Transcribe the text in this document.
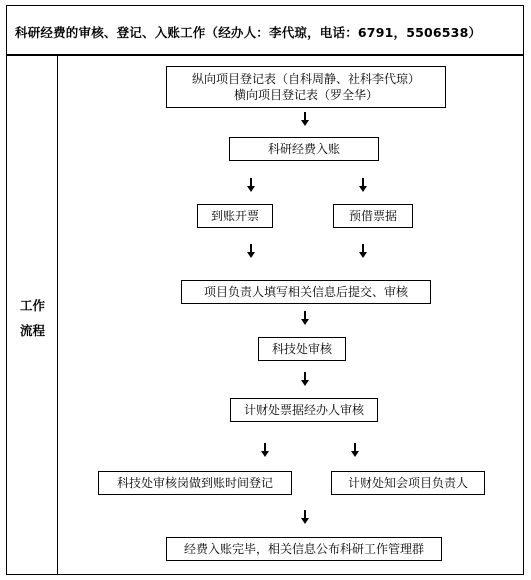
科研经费的审核、登记、入账工作（经办人：李代琼，电话：6791，5506538）
工作
流程
纵向项目登记表（自科周静、社科李代琼）
横向项目登记表（罗全华）
科研经费入账
到账开票	预借票据
项目负责人填写相关信息后提交、审核
科技处审核
计财处票据经办人审核
科技处审核岗做到账时间登记	计财处知会项目负责人
经费入账完毕，相关信息公布科研工作管理群
